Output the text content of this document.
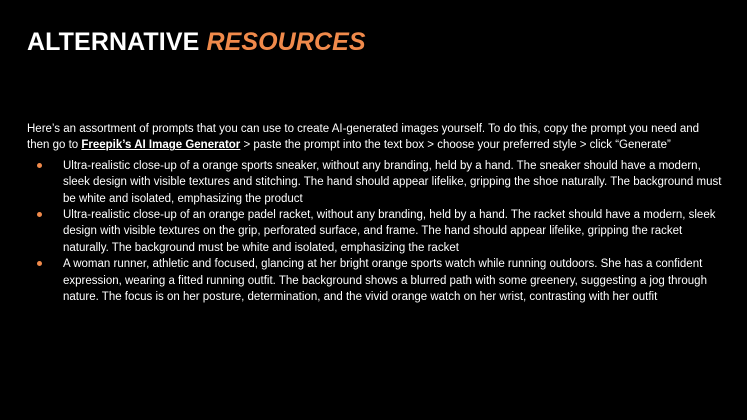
ALTERNATIVE RESOURCES

Here’s an assortment of prompts that you can use to create AI-generated images yourself. To do this, copy the prompt you need and then go to Freepik’s AI Image Generator > paste the prompt into the text box > choose your preferred style > click “Generate”

Ultra-realistic close-up of a orange sports sneaker, without any branding, held by a hand. The sneaker should have a modern, sleek design with visible textures and stitching. The hand should appear lifelike, gripping the shoe naturally. The background must be white and isolated, emphasizing the product
Ultra-realistic close-up of an orange padel racket, without any branding, held by a hand. The racket should have a modern, sleek design with visible textures on the grip, perforated surface, and frame. The hand should appear lifelike, gripping the racket naturally. The background must be white and isolated, emphasizing the racket
A woman runner, athletic and focused, glancing at her bright orange sports watch while running outdoors. She has a confident expression, wearing a fitted running outfit. The background shows a blurred path with some greenery, suggesting a jog through nature. The focus is on her posture, determination, and the vivid orange watch on her wrist, contrasting with her outfit
